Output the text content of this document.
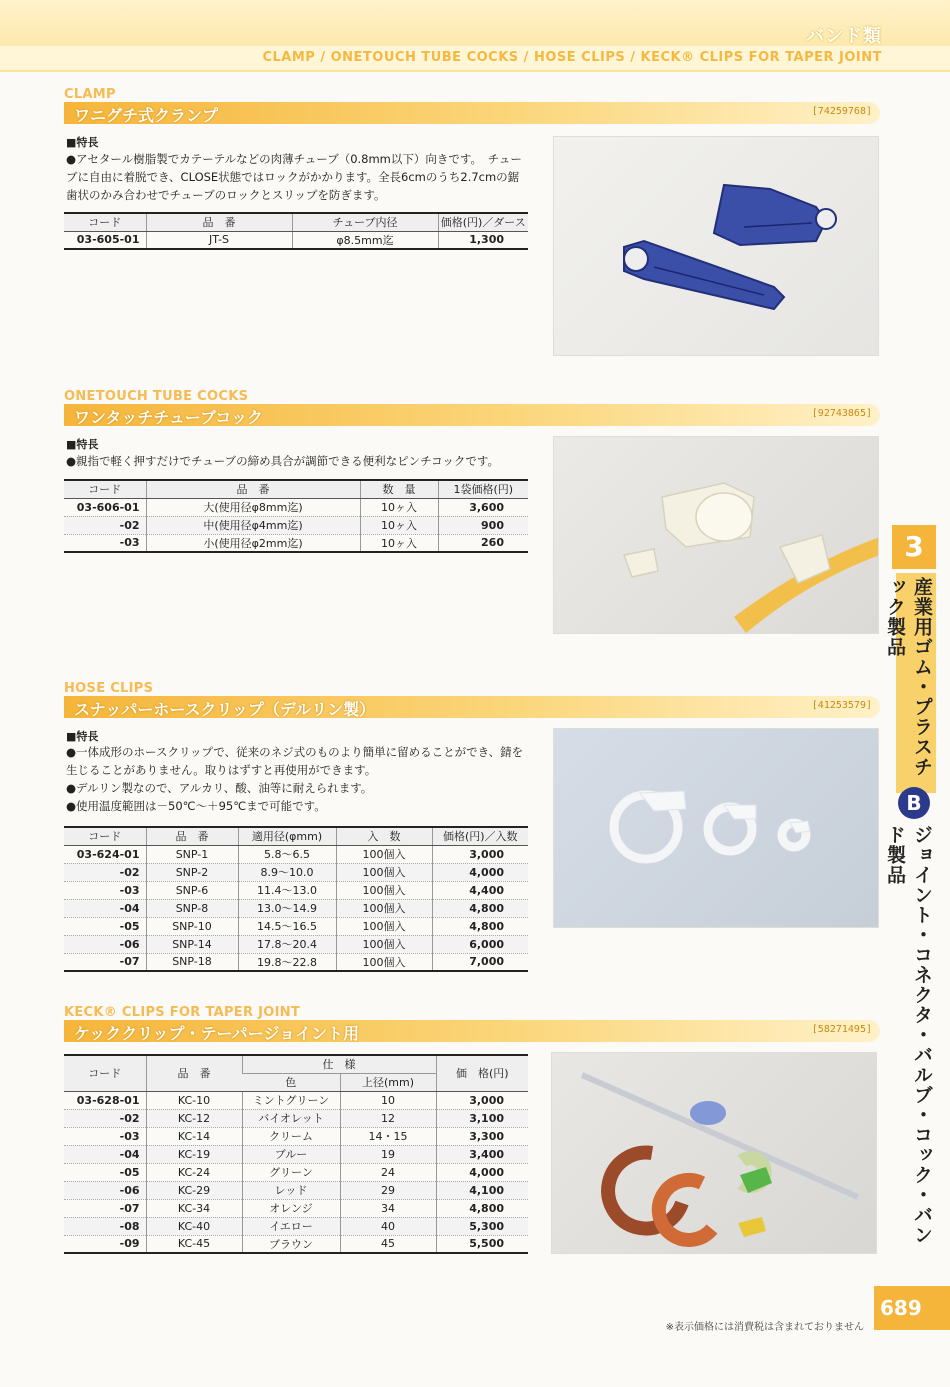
バンド類
CLAMP / ONETOUCH TUBE COCKS / HOSE CLIPS / KECK® CLIPS FOR TAPER JOINT
CLAMP
ワニグチ式クランプ	[74259768]
■特長
●アセタール樹脂製でカテーテルなどの肉薄チューブ（0.8mm以下）向きです。　チューブに自由に着脱でき、CLOSE状態ではロックがかかります。全長6cmのうち2.7cmの鋸歯状のかみ合わせでチューブのロックとスリップを防ぎます。
コード	品　番	チューブ内径	価格(円)／ダース
03-605-01	JT-S	φ8.5mm迄	1,300
ONETOUCH TUBE COCKS
ワンタッチチューブコック	[92743865]
■特長
●親指で軽く押すだけでチューブの締め具合が調節できる便利なピンチコックです。
コード	品　番	数　量	1袋価格(円)
03-606-01	大(使用径φ8mm迄)	10ヶ入	3,600
-02	中(使用径φ4mm迄)	10ヶ入	900
-03	小(使用径φ2mm迄)	10ヶ入	260
HOSE CLIPS
スナッパーホースクリップ（デルリン製）	[41253579]
■特長
●一体成形のホースクリップで、従来のネジ式のものより簡単に留めることができ、錆を生じることがありません。取りはずすと再使用ができます。
●デルリン製なので、アルカリ、酸、油等に耐えられます。
●使用温度範囲は－50℃～＋95℃まで可能です。
コード	品　番	適用径(φmm)	入　数	価格(円)／入数
03-624-01	SNP-1	5.8～6.5	100個入	3,000
-02	SNP-2	8.9～10.0	100個入	4,000
-03	SNP-6	11.4～13.0	100個入	4,400
-04	SNP-8	13.0～14.9	100個入	4,800
-05	SNP-10	14.5～16.5	100個入	4,800
-06	SNP-14	17.8～20.4	100個入	6,000
-07	SNP-18	19.8～22.8	100個入	7,000
KECK® CLIPS FOR TAPER JOINT
ケッククリップ・テーパージョイント用	[58271495]
コード	品　番	仕　様		価　格(円)
		色	上径(mm)	
03-628-01	KC-10	ミントグリーン	10	3,000
-02	KC-12	バイオレット	12	3,100
-03	KC-14	クリーム	14・15	3,300
-04	KC-19	ブルー	19	3,400
-05	KC-24	グリーン	24	4,000
-06	KC-29	レッド	29	4,100
-07	KC-34	オレンジ	34	4,800
-08	KC-40	イエロー	40	5,300
-09	KC-45	ブラウン	45	5,500
3
産業用ゴム・プラスチック製品
B
ジョイント・コネクタ・バルブ・コック・バンド製品
689
※表示価格には消費税は含まれておりません
